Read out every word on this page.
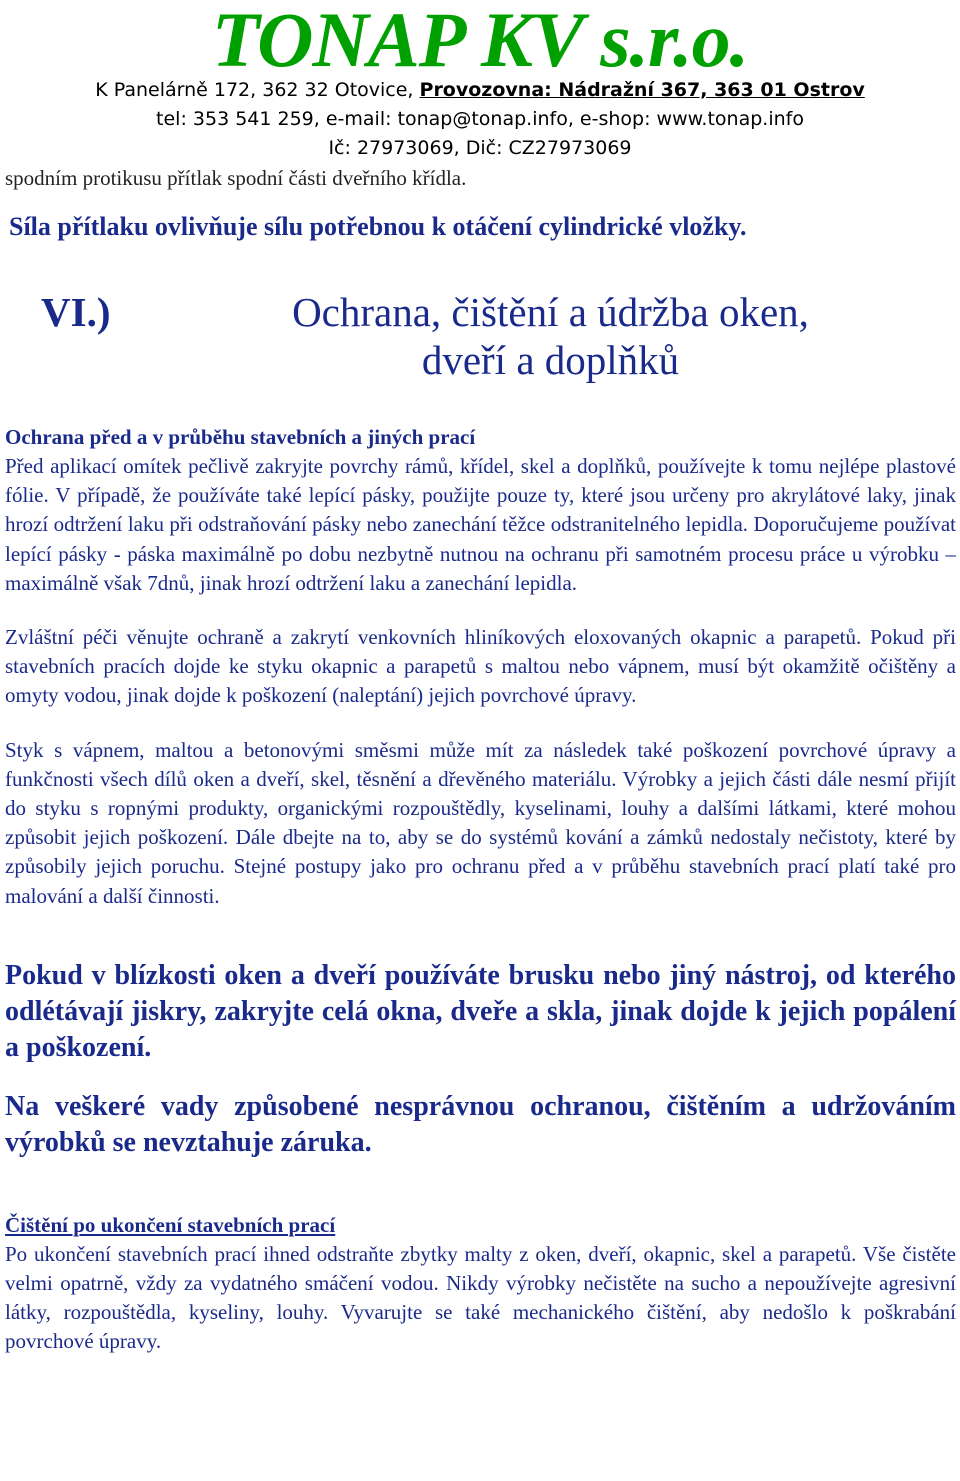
TONAP KV s.r.o.

K Panelárně 172, 362 32 Otovice, Provozovna: Nádražní 367, 363 01 Ostrov

tel: 353 541 259, e-mail: tonap@tonap.info, e-shop: www.tonap.info

Ič: 27973069, Dič: CZ27973069

spodním protikusu přítlak spodní části dveřního křídla.

Síla přítlaku ovlivňuje sílu potřebnou k otáčení cylindrické vložky.

VI.)	Ochrana, čištění a údržba oken,
dveří a doplňků

Ochrana před a v průběhu stavebních a jiných prací

Před aplikací omítek pečlivě zakryjte povrchy rámů, křídel, skel a doplňků, používejte k tomu nejlépe plastové fólie. V případě, že používáte také lepící pásky, použijte pouze ty, které jsou určeny pro akrylátové laky, jinak hrozí odtržení laku při odstraňování pásky nebo zanechání těžce odstranitelného lepidla. Doporučujeme používat lepící pásky - páska maximálně po dobu nezbytně nutnou na ochranu při samotném procesu práce u výrobku – maximálně však 7dnů, jinak hrozí odtržení laku a zanechání lepidla.

Zvláštní péči věnujte ochraně a zakrytí venkovních hliníkových eloxovaných okapnic a parapetů. Pokud při stavebních pracích dojde ke styku okapnic a parapetů s maltou nebo vápnem, musí být okamžitě očištěny a omyty vodou, jinak dojde k poškození (naleptání) jejich povrchové úpravy.

Styk s vápnem, maltou a betonovými směsmi může mít za následek také poškození povrchové úpravy a funkčnosti všech dílů oken a dveří, skel, těsnění a dřevěného materiálu. Výrobky a jejich části dále nesmí přijít do styku s ropnými produkty, organickými rozpouštědly, kyselinami, louhy a dalšími látkami, které mohou způsobit jejich poškození. Dále dbejte na to, aby se do systémů kování a zámků nedostaly nečistoty, které by způsobily jejich poruchu. Stejné postupy jako pro ochranu před a v průběhu stavebních prací platí také pro malování a další činnosti.

Pokud v blízkosti oken a dveří používáte brusku nebo jiný nástroj, od kterého odlétávají jiskry, zakryjte celá okna, dveře a skla, jinak dojde k jejich popálení a poškození.

Na veškeré vady způsobené nesprávnou ochranou, čištěním a udržováním výrobků se nevztahuje záruka.

Čištění po ukončení stavebních prací

Po ukončení stavebních prací ihned odstraňte zbytky malty z oken, dveří, okapnic, skel a parapetů. Vše čistěte velmi opatrně, vždy za vydatného smáčení vodou. Nikdy výrobky nečistěte na sucho a nepoužívejte agresivní látky, rozpouštědla, kyseliny, louhy. Vyvarujte se také mechanického čištění, aby nedošlo k poškrabání povrchové úpravy.
